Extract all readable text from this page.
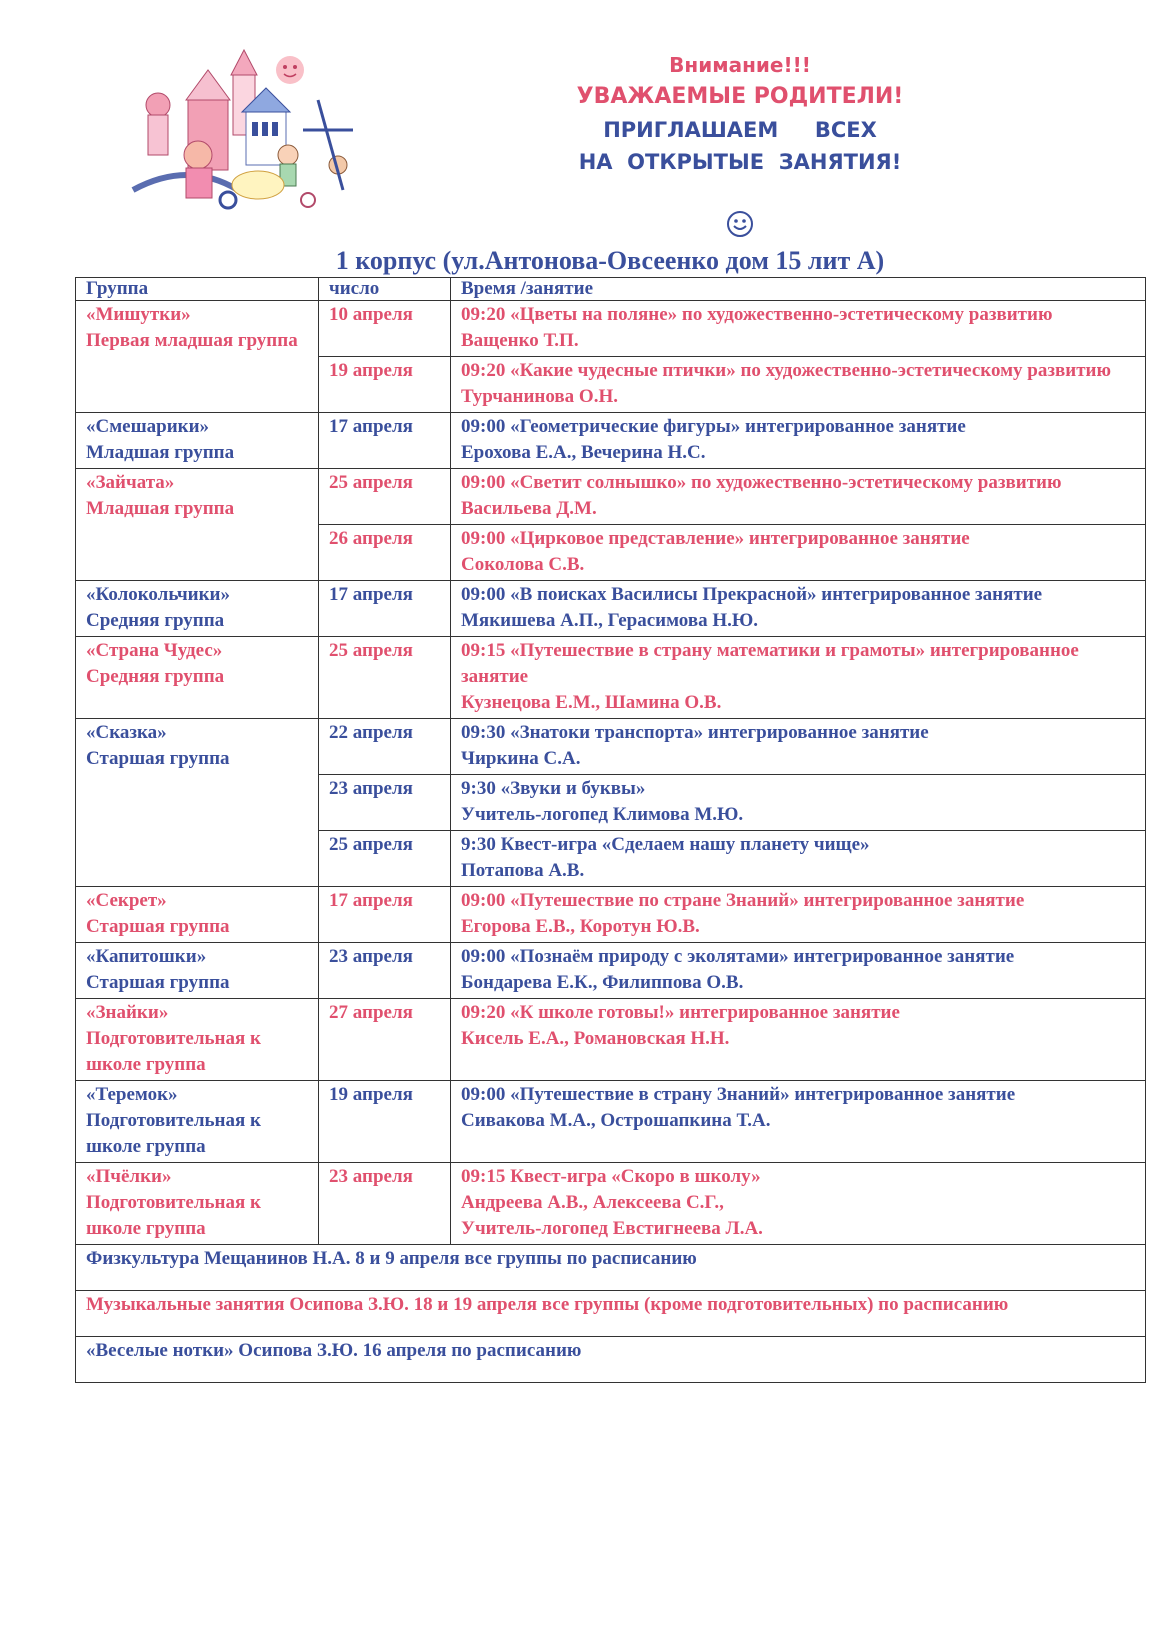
Внимание!!!
УВАЖАЕМЫЕ РОДИТЕЛИ!
ПРИГЛАШАЕМ     ВСЕХ
НА  ОТКРЫТЫЕ  ЗАНЯТИЯ!
1 корпус (ул.Антонова-Овсеенко дом 15 лит А)
Группа	число	Время /занятие

«Мишутки»
Первая младшая группа	10 апреля	09:20 «Цветы на поляне» по художественно-эстетическому развитию
Ващенко Т.П.

	19 апреля	09:20 «Какие чудесные птички» по художественно-эстетическому развитию
Турчанинова О.Н.

«Смешарики»
Младшая группа	17 апреля	09:00 «Геометрические фигуры» интегрированное занятие
Ерохова Е.А., Вечерина Н.С.

«Зайчата»
Младшая группа	25 апреля	09:00 «Светит солнышко» по художественно-эстетическому развитию
Васильева Д.М.

	26 апреля	09:00 «Цирковое представление» интегрированное занятие
Соколова С.В.

«Колокольчики»
Средняя группа	17 апреля	09:00 «В поисках Василисы Прекрасной» интегрированное занятие
Мякишева А.П., Герасимова Н.Ю.

«Страна Чудес»
Средняя группа	25 апреля	09:15 «Путешествие в страну математики и грамоты» интегрированное занятие
Кузнецова Е.М., Шамина О.В.

«Сказка»
Старшая группа	22 апреля	09:30 «Знатоки транспорта» интегрированное занятие
Чиркина С.А.

	23 апреля	9:30 «Звуки и буквы»
Учитель-логопед Климова М.Ю.

	25 апреля	9:30 Квест-игра «Сделаем нашу планету чище»
Потапова А.В.

«Секрет»
Старшая группа	17 апреля	09:00 «Путешествие по стране Знаний» интегрированное занятие
Егорова Е.В., Коротун Ю.В.

«Капитошки»
Старшая группа	23 апреля	09:00 «Познаём природу с эколятами» интегрированное занятие
Бондарева Е.К., Филиппова О.В.

«Знайки»
Подготовительная к школе группа	27 апреля	09:20 «К школе готовы!» интегрированное занятие
Кисель Е.А., Романовская Н.Н.

«Теремок»
Подготовительная к школе группа	19 апреля	09:00 «Путешествие в страну Знаний» интегрированное занятие
Сивакова М.А., Острошапкина Т.А.

«Пчёлки»
Подготовительная к школе группа	23 апреля	09:15 Квест-игра «Скоро в школу»
Андреева А.В., Алексеева С.Г.,
Учитель-логопед Евстигнеева Л.А.

Физкультура Мещанинов Н.А. 8 и 9 апреля все группы по расписанию		
Музыкальные занятия Осипова З.Ю. 18 и 19 апреля все группы (кроме подготовительных) по расписанию		
«Веселые нотки» Осипова З.Ю. 16 апреля по расписанию		
